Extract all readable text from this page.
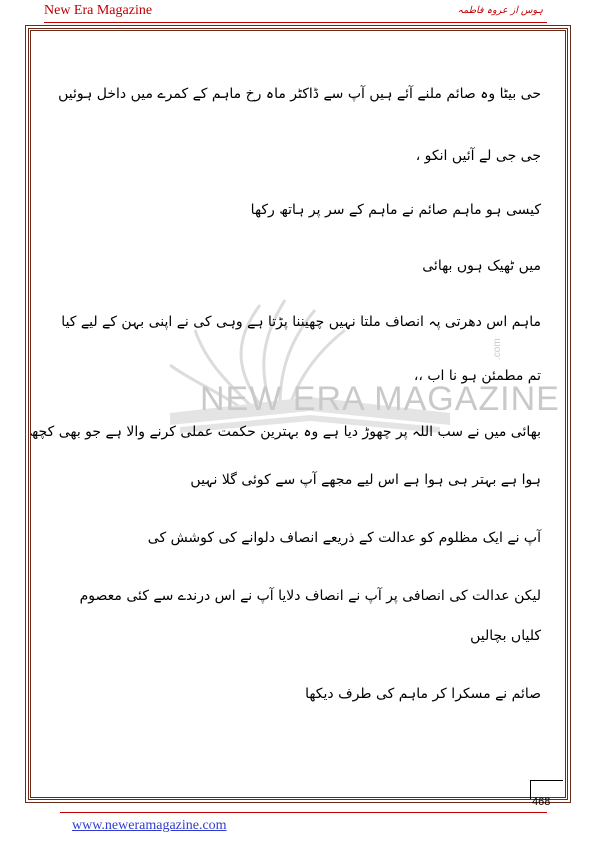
New Era Magazine	ہوس از عروہ فاطمہ
NEW ERA MAGAZINE
.com
حی بیٹا وہ صائم ملنے آئے ہیں آپ سے ڈاکٹر ماہ رخ ماہم کے کمرے میں داخل ہوئیں
جی جی لے آئیں انکو ،
کیسی ہو ماہم صائم نے ماہم کے سر پر ہاتھ رکھا
میں ٹھیک ہوں بھائی
ماہم اس دھرتی پہ انصاف ملتا نہیں چھیننا پڑتا ہے وہی کی نے اپنی بہن کے لیے کیا
تم مطمئن ہو نا اب ،،
بھائی میں نے سب اللہ پر چھوڑ دیا ہے وہ بہترین حکمت عملی کرنے والا ہے جو بھی کچھ
ہوا ہے بہتر ہی ہوا ہے اس لیے مجھے آپ سے کوئی گلا نہیں
آپ نے ایک مظلوم کو عدالت کے ذریعے انصاف دلوانے کی کوشش کی
لیکن عدالت کی انصافی پر آپ نے انصاف دلایا آپ نے اس درندے سے کئی معصوم
کلیاں بچالیں
صائم نے مسکرا کر ماہم کی طرف دیکھا
468
www.neweramagazine.com
